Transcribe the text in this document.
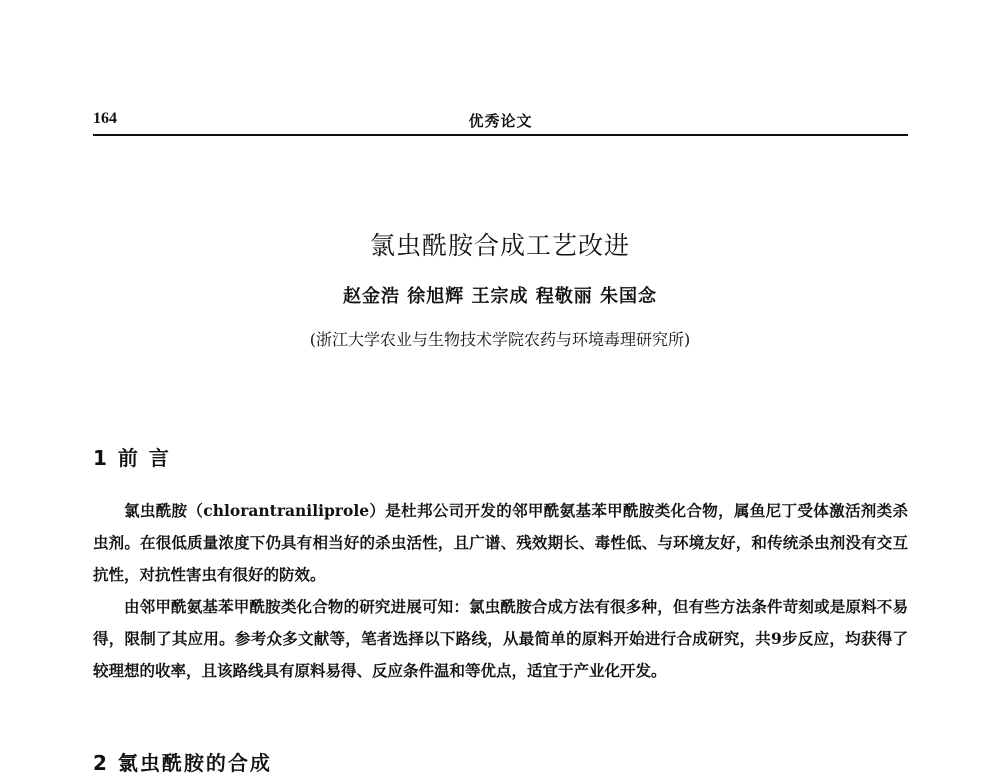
164	优秀论文
氯虫酰胺合成工艺改进
赵金浩 徐旭辉 王宗成 程敬丽 朱国念
(浙江大学农业与生物技术学院农药与环境毒理研究所)
1 前 言

氯虫酰胺（chlorantraniliprole）是杜邦公司开发的邻甲酰氨基苯甲酰胺类化合物，属鱼尼丁受体激活剂类杀虫剂。在很低质量浓度下仍具有相当好的杀虫活性，且广谱、残效期长、毒性低、与环境友好，和传统杀虫剂没有交互抗性，对抗性害虫有很好的防效。

由邻甲酰氨基苯甲酰胺类化合物的研究进展可知：氯虫酰胺合成方法有很多种，但有些方法条件苛刻或是原料不易得，限制了其应用。参考众多文献等，笔者选择以下路线，从最简单的原料开始进行合成研究，共9步反应，均获得了较理想的收率，且该路线具有原料易得、反应条件温和等优点，适宜于产业化开发。

2 氯虫酰胺的合成
